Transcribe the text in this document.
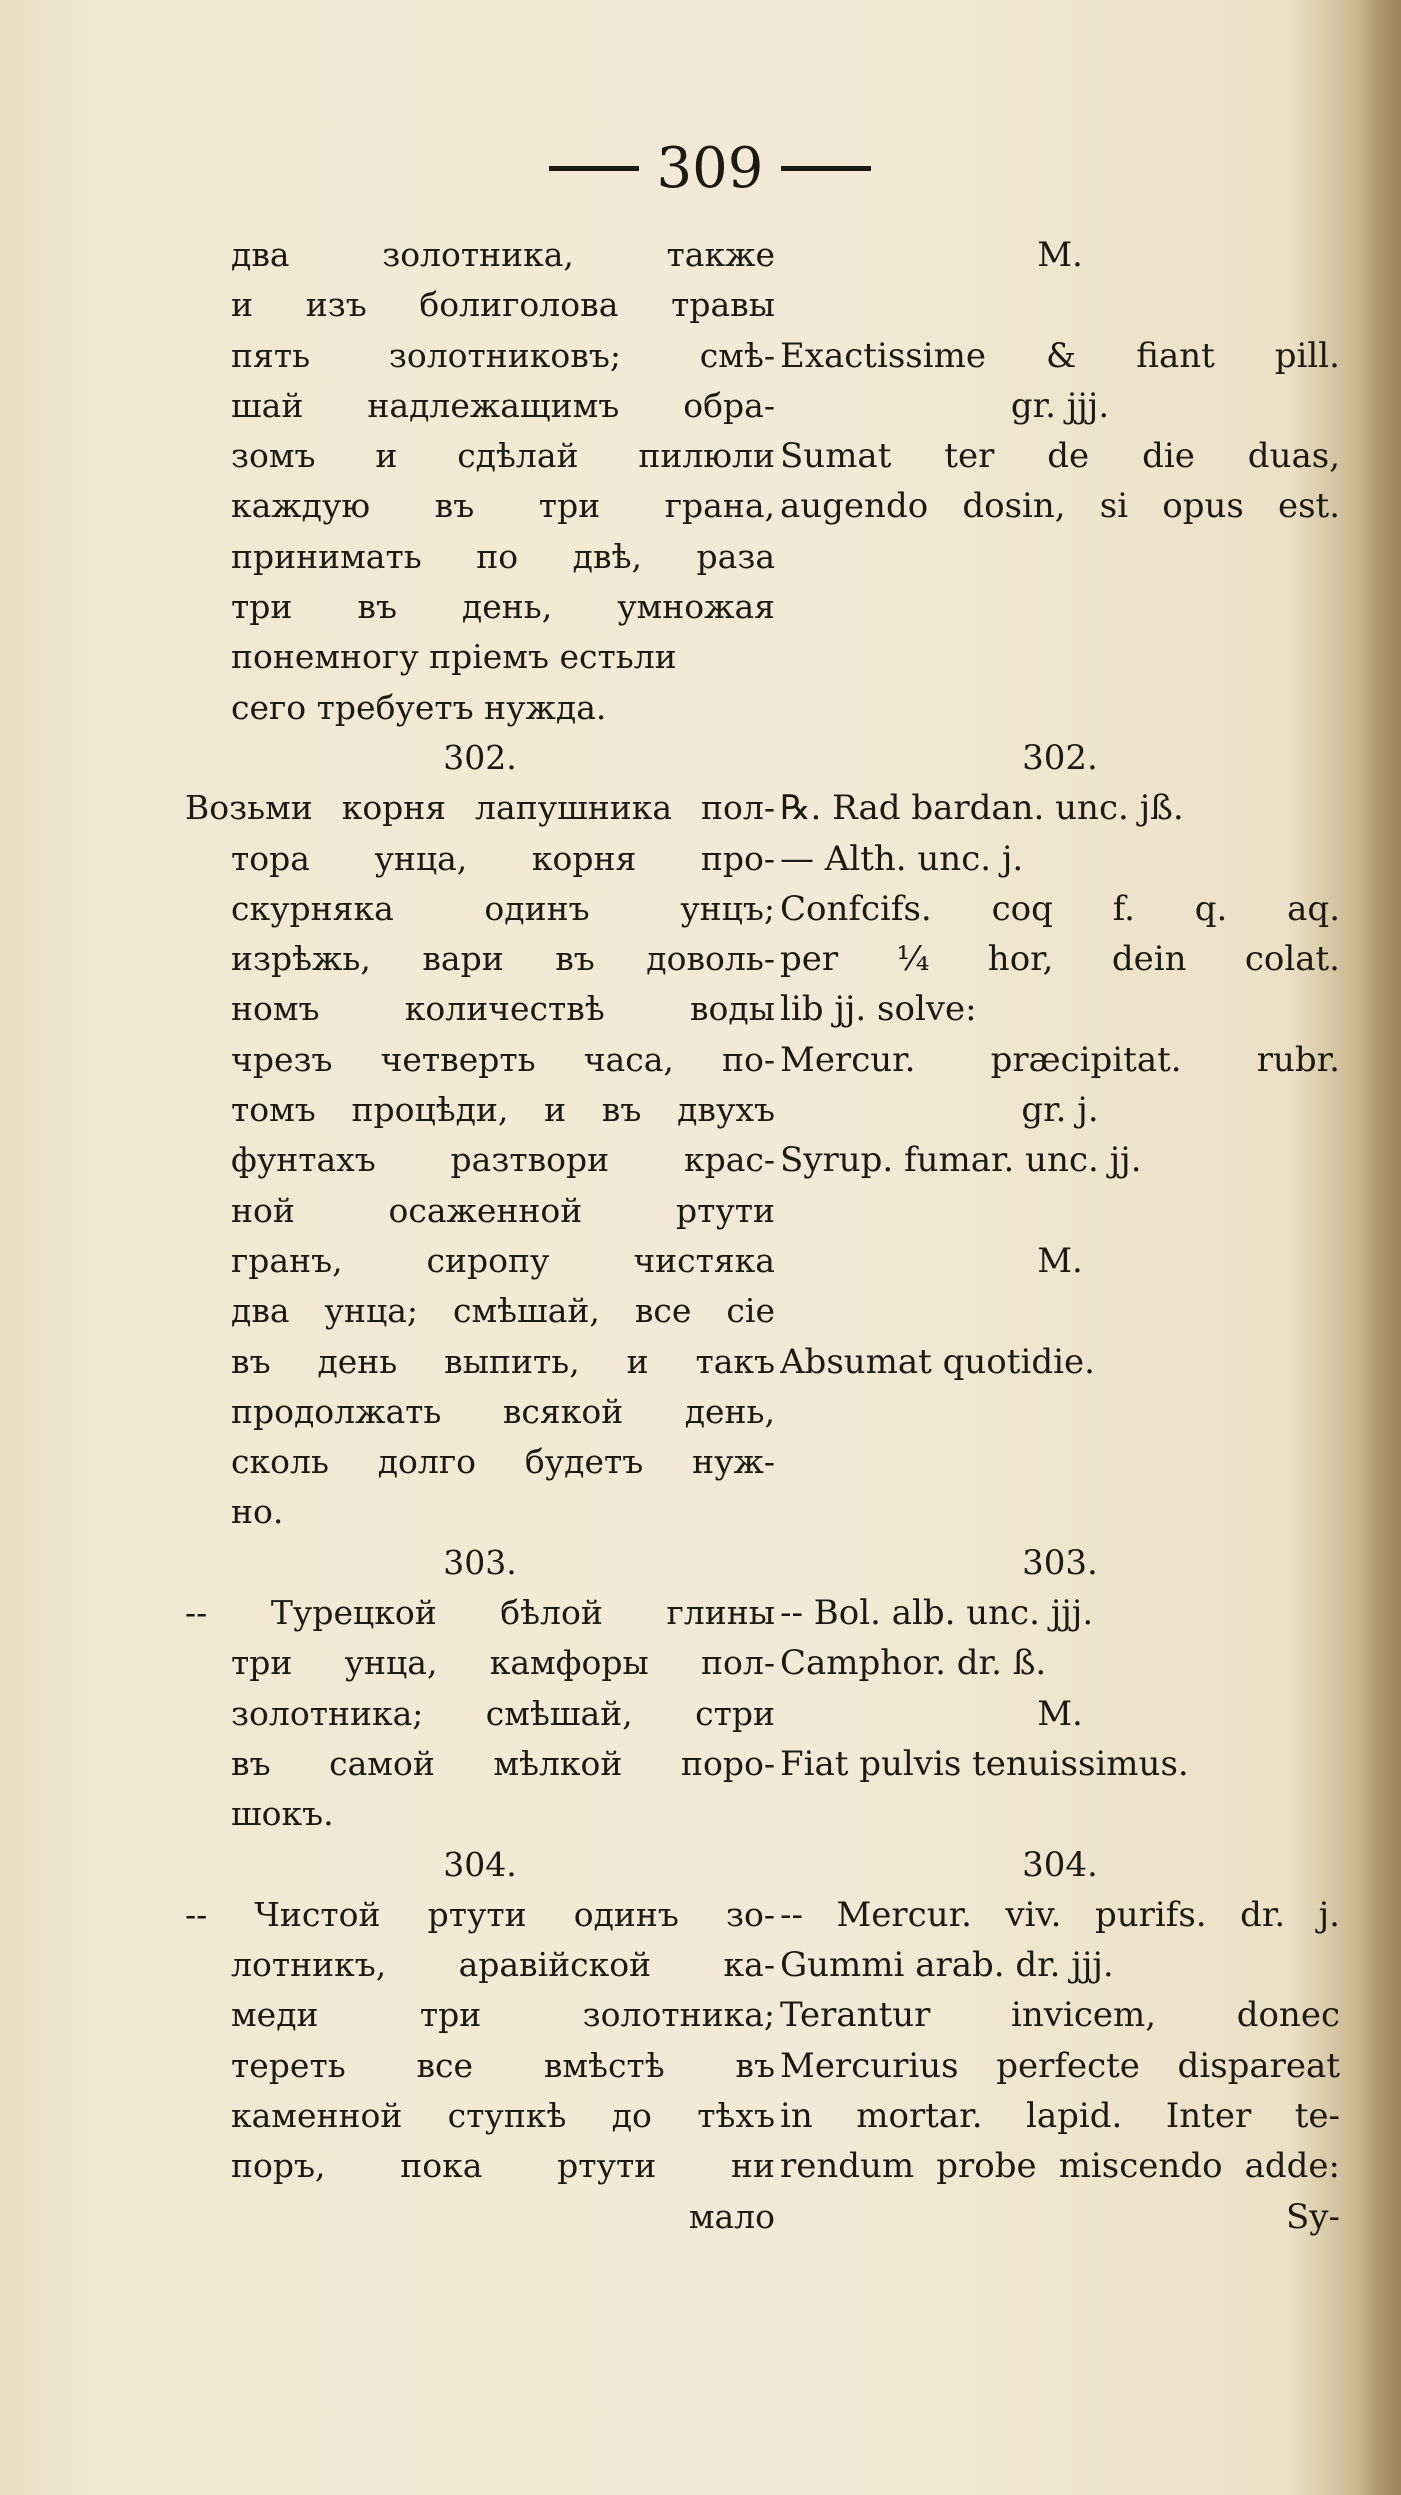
309
два золотника, также
и изъ болиголова травы
пять золотниковъ; смѣ-
шай надлежащимъ обра-
зомъ и сдѣлай пилюли
каждую въ три грана,
принимать по двѣ, раза
три въ день, умножая
понемногу прiемъ естьли
сего требуетъ нужда.
302.
Возьми корня лапушника пол-
тора унца, корня про-
скурняка одинъ унцъ;
изрѣжь, вари въ доволь-
номъ количествѣ воды
чрезъ четверть часа, по-
томъ процѣди, и въ двухъ
фунтахъ разтвори крас-
ной осаженной ртути
гранъ, сиропу чистяка
два унца; смѣшай, все сiе
въ день выпить, и такъ
продолжать всякой день,
сколь долго будетъ нуж-
но.
303.
-- Турецкой бѣлой глины
три унца, камфоры пол-
золотника; смѣшай, стри
въ самой мѣлкой поро-
шокъ.
304.
-- Чистой ртути одинъ зо-
лотникъ, аравiйской ка-
меди три золотника;
тереть все вмѣстѣ въ
каменной ступкѣ до тѣхъ
поръ, пока ртути ни
мало
M.
Exactissime & fiant pill.
gr. jjj.
Sumat ter de die duas,
augendo dosin, si opus est.
302.
℞. Rad bardan. unc. jß.
— Alth. unc. j.
Confcifs. coq f. q. aq.
per ¼ hor, dein colat.
lib jj. solve:
Mercur. præcipitat. rubr.
gr. j.
Syrup. fumar. unc. jj.
M.
Absumat quotidie.
303.
-- Bol. alb. unc. jjj.
Camphor. dr. ß.
M.
Fiat pulvis tenuissimus.
304.
-- Mercur. viv. purifs. dr. j.
Gummi arab. dr. jjj.
Terantur invicem, donec
Mercurius perfecte dispareat
in mortar. lapid. Inter te-
rendum probe miscendo adde:
Sy-
